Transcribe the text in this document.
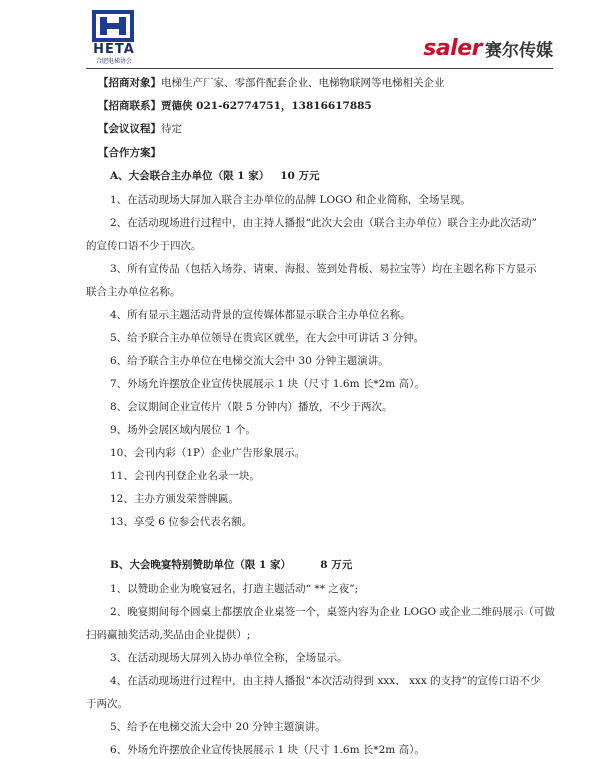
HETA
合肥电梯协会
saler 赛尔传媒
【招商对象】电梯生产厂家、零部件配套企业、电梯物联网等电梯相关企业
【招商联系】贾德侠 021-62774751，13816617885
【会议议程】待定
【合作方案】
A、大会联合主办单位（限 1 家） 10 万元
1、在活动现场大屏加入联合主办单位的品牌 LOGO 和企业简称，全场呈现。
2、在活动现场进行过程中，由主持人播报“此次大会由（联合主办单位）联合主办此次活动”
的宣传口语不少于四次。
3、所有宣传品（包括入场券、请柬、海报、签到处背板、易拉宝等）均在主题名称下方显示
联合主办单位名称。
4、所有显示主题活动背景的宣传媒体都显示联合主办单位名称。
5、给予联合主办单位领导在贵宾区就坐，在大会中可讲话 3 分钟。
6、给予联合主办单位在电梯交流大会中 30 分钟主题演讲。
7、外场允许摆放企业宣传快展展示 1 块（尺寸 1.6m 长*2m 高）。
8、会议期间企业宣传片（限 5 分钟内）播放，不少于两次。
9、场外会展区域内展位 1 个。
10、会刊内彩（1P）企业广告形象展示。
11、会刊内刊登企业名录一块。
12、主办方颁发荣誉牌匾。
13、享受 6 位参会代表名额。
B、大会晚宴特别赞助单位（限 1 家）	8 万元
1、以赞助企业为晚宴冠名，打造主题活动“ ** 之夜”;
2、晚宴期间每个圆桌上都摆放企业桌签一个，桌签内容为企业 LOGO 或企业二维码展示（可做
扫码赢抽奖活动,奖品由企业提供）;
3、在活动现场大屏列入协办单位全称，全场显示。
4、在活动现场进行过程中，由主持人播报“本次活动得到 xxx、 xxx 的支持”的宣传口语不少
于两次。
5、给予在电梯交流大会中 20 分钟主题演讲。
6、外场允许摆放企业宣传快展展示 1 块（尺寸 1.6m 长*2m 高）。
